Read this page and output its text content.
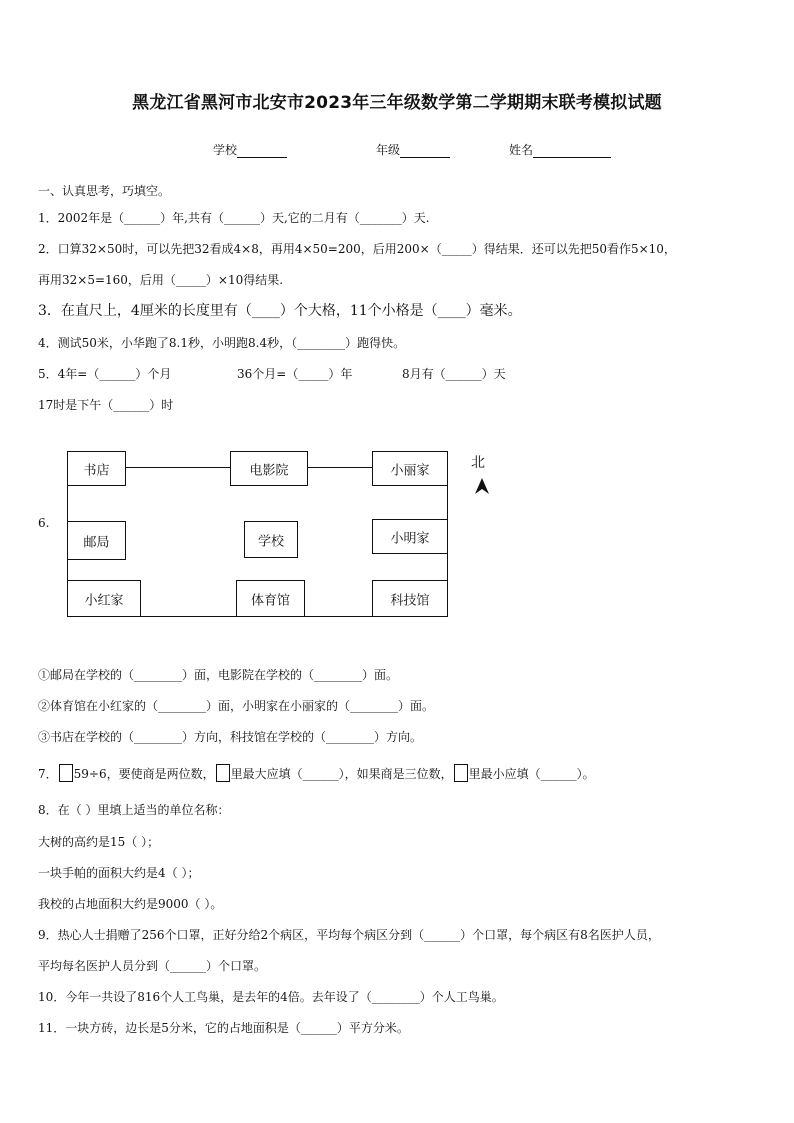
黑龙江省黑河市北安市2023年三年级数学第二学期期末联考模拟试题
学校	年级	姓名
一、认真思考，巧填空。
1．2002年是（______）年,共有（______）天,它的二月有（_______）天.
2．口算32×50时，可以先把32看成4×8，再用4×50=200，后用200×（_____）得结果．还可以先把50看作5×10，
再用32×5=160，后用（_____）×10得结果.
3．在直尺上，4厘米的长度里有（____）个大格，11个小格是（____）毫米。
4．测试50米，小华跑了8.1秒，小明跑8.4秒，（________）跑得快。
5．4年=（______）个月	36个月=（_____）年	8月有（______）天
17时是下午（______）时
6.
书店	电影院	小丽家
邮局	学校	小明家
小红家	体育馆	科技馆
北
①邮局在学校的（________）面，电影院在学校的（________）面。
②体育馆在小红家的（________）面，小明家在小丽家的（________）面。
③书店在学校的（________）方向，科技馆在学校的（________）方向。
7． 59÷6，要使商是两位数， 里最大应填（______），如果商是三位数， 里最小应填（______）。
8．在（ ）里填上适当的单位名称：
大树的高约是15（ ）；
一块手帕的面积大约是4（ ）；
我校的占地面积大约是9000（ ）。
9．热心人士捐赠了256个口罩，正好分给2个病区，平均每个病区分到（______）个口罩，每个病区有8名医护人员，
平均每名医护人员分到（______）个口罩。
10．今年一共设了816个人工鸟巢，是去年的4倍。去年设了（________）个人工鸟巢。
11．一块方砖，边长是5分米，它的占地面积是（______）平方分米。
